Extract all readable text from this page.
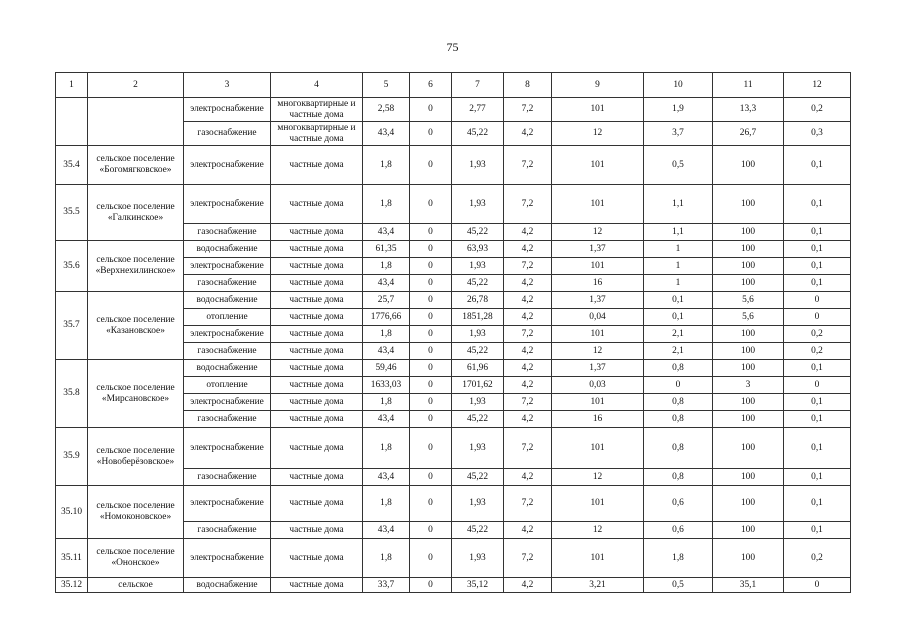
75
1	2	3	4	5	6	7	8	9	10	11	12
		электроснабжение	многоквартирные и частные дома	2,58	0	2,77	7,2	101	1,9	13,3	0,2
		газоснабжение	многоквартирные и частные дома	43,4	0	45,22	4,2	12	3,7	26,7	0,3
35.4	сельское поселение «Богомягковское»	электроснабжение	частные дома	1,8	0	1,93	7,2	101	0,5	100	0,1
35.5	сельское поселение «Галкинское»	электроснабжение	частные дома	1,8	0	1,93	7,2	101	1,1	100	0,1
		газоснабжение	частные дома	43,4	0	45,22	4,2	12	1,1	100	0,1
35.6	сельское поселение «Верхнехилинское»	водоснабжение	частные дома	61,35	0	63,93	4,2	1,37	1	100	0,1
		электроснабжение	частные дома	1,8	0	1,93	7,2	101	1	100	0,1
		газоснабжение	частные дома	43,4	0	45,22	4,2	16	1	100	0,1
35.7	сельское поселение «Казановское»	водоснабжение	частные дома	25,7	0	26,78	4,2	1,37	0,1	5,6	0
		отопление	частные дома	1776,66	0	1851,28	4,2	0,04	0,1	5,6	0
		электроснабжение	частные дома	1,8	0	1,93	7,2	101	2,1	100	0,2
		газоснабжение	частные дома	43,4	0	45,22	4,2	12	2,1	100	0,2
35.8	сельское поселение «Мирсановское»	водоснабжение	частные дома	59,46	0	61,96	4,2	1,37	0,8	100	0,1
		отопление	частные дома	1633,03	0	1701,62	4,2	0,03	0	3	0
		электроснабжение	частные дома	1,8	0	1,93	7,2	101	0,8	100	0,1
		газоснабжение	частные дома	43,4	0	45,22	4,2	16	0,8	100	0,1
35.9	сельское поселение «Новоберёзовское»	электроснабжение	частные дома	1,8	0	1,93	7,2	101	0,8	100	0,1
		газоснабжение	частные дома	43,4	0	45,22	4,2	12	0,8	100	0,1
35.10	сельское поселение «Номоконовское»	электроснабжение	частные дома	1,8	0	1,93	7,2	101	0,6	100	0,1
		газоснабжение	частные дома	43,4	0	45,22	4,2	12	0,6	100	0,1
35.11	сельское поселение «Ононское»	электроснабжение	частные дома	1,8	0	1,93	7,2	101	1,8	100	0,2
35.12	сельское	водоснабжение	частные дома	33,7	0	35,12	4,2	3,21	0,5	35,1	0
